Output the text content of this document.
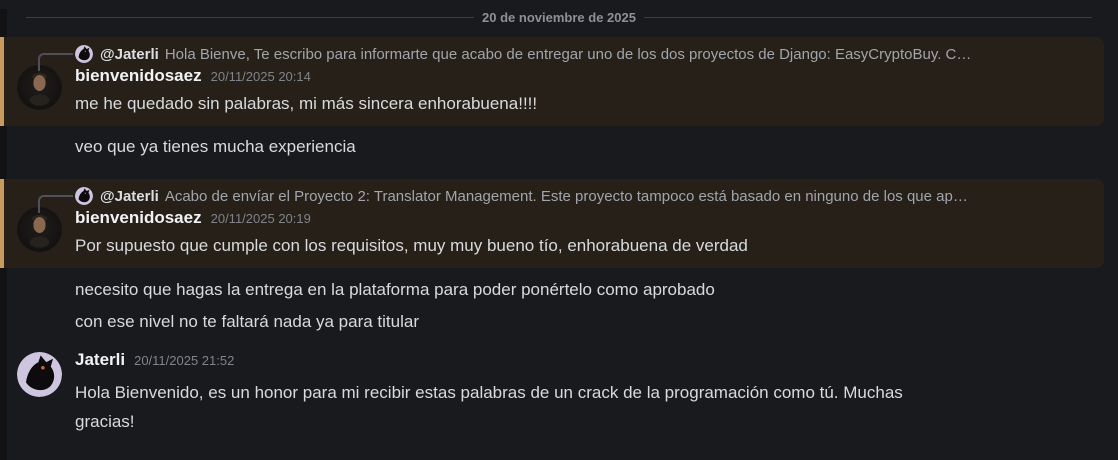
20 de noviembre de 2025
@Jaterli Hola Bienve, Te escribo para informarte que acabo de entregar uno de los dos proyectos de Django: EasyCryptoBuy. C…
bienvenidosaez 20/11/2025 20:14
me he quedado sin palabras, mi más sincera enhorabuena!!!!
veo que ya tienes mucha experiencia
@Jaterli Acabo de envíar el Proyecto 2: Translator Management. Este proyecto tampoco está basado en ninguno de los que ap…
bienvenidosaez 20/11/2025 20:19
Por supuesto que cumple con los requisitos, muy muy bueno tío, enhorabuena de verdad
necesito que hagas la entrega en la plataforma para poder ponértelo como aprobado
con ese nivel no te faltará nada ya para titular
Jaterli 20/11/2025 21:52
Hola Bienvenido, es un honor para mi recibir estas palabras de un crack de la programación como tú. Muchas
gracias!
